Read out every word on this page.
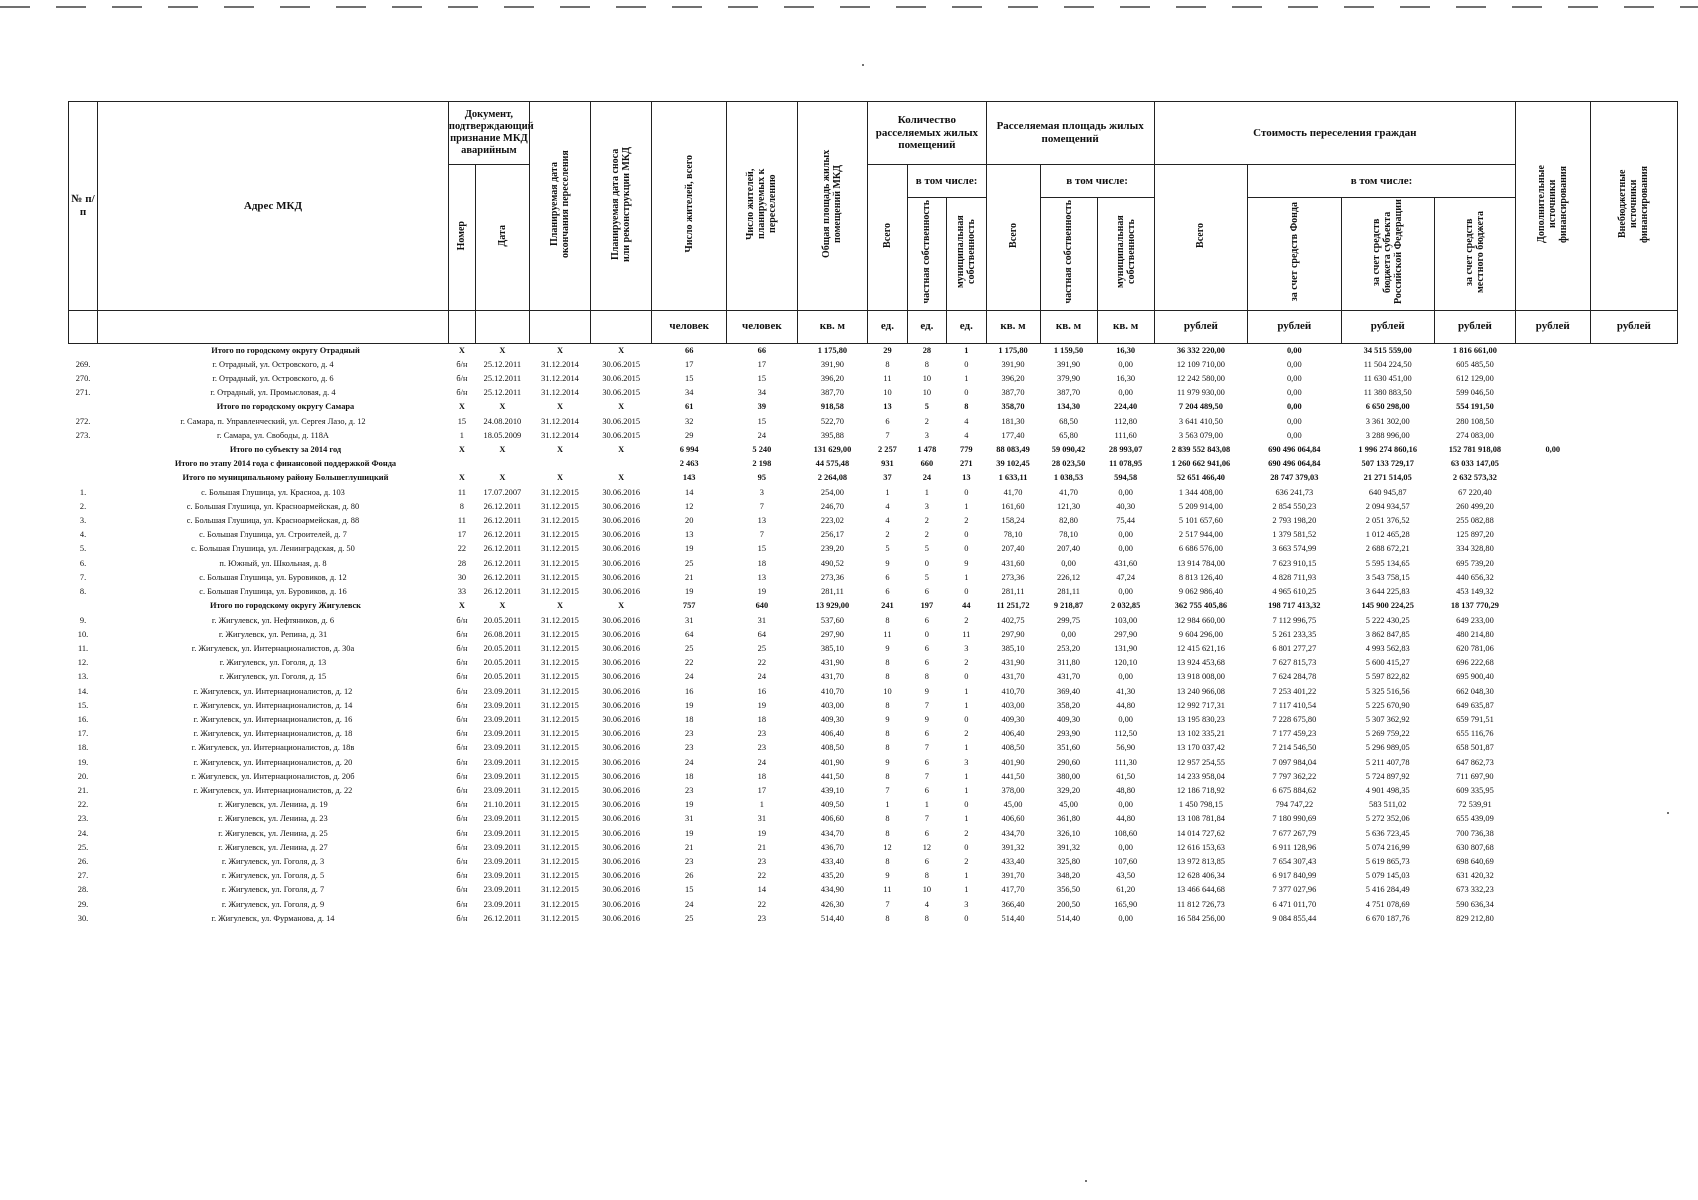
№ п/п	Адрес МКД	Документ, подтверждающий признание МКД аварийным		Планируемая дата окончания переселения	Планируемая дата сноса или реконструкции МКД	Число жителей, всего	Число жителей, планируемых к переселению	Общая площадь жилых помещений МКД	Количество расселяемых жилых помещений			Расселяемая площадь жилых помещений			Стоимость переселения граждан				Дополнительные источники финансирования	Внебюджетные источники финансирования
		Номер	Дата						Всего	в том числе:		Всего	в том числе:		Всего	в том числе:				
										частная собственность	муниципальная собственность		частная собственность	муниципальная собственность		за счет средств Фонда	за счет средств бюджета субъекта Российской Федерации	за счет средств местного бюджета		
						человек	человек	кв. м	ед.	ед.	ед.	кв. м	кв. м	кв. м	рублей	рублей	рублей	рублей	рублей	рублей
	Итого по городскому округу Отрадный	Х	Х	Х	Х	66	66	1 175,80	29	28	1	1 175,80	1 159,50	16,30	36 332 220,00	0,00	34 515 559,00	1 816 661,00		
269.	г. Отрадный, ул. Островского, д. 4	б/н	25.12.2011	31.12.2014	30.06.2015	17	17	391,90	8	8	0	391,90	391,90	0,00	12 109 710,00	0,00	11 504 224,50	605 485,50		
270.	г. Отрадный, ул. Островского, д. 6	б/н	25.12.2011	31.12.2014	30.06.2015	15	15	396,20	11	10	1	396,20	379,90	16,30	12 242 580,00	0,00	11 630 451,00	612 129,00		
271.	г. Отрадный, ул. Промысловая, д. 4	б/н	25.12.2011	31.12.2014	30.06.2015	34	34	387,70	10	10	0	387,70	387,70	0,00	11 979 930,00	0,00	11 380 883,50	599 046,50		
	Итого по городскому округу Самара	Х	Х	Х	Х	61	39	918,58	13	5	8	358,70	134,30	224,40	7 204 489,50	0,00	6 650 298,00	554 191,50		
272.	г. Самара, п. Управленческий, ул. Сергея Лазо, д. 12	15	24.08.2010	31.12.2014	30.06.2015	32	15	522,70	6	2	4	181,30	68,50	112,80	3 641 410,50	0,00	3 361 302,00	280 108,50		
273.	г. Самара, ул. Свободы, д. 118А	1	18.05.2009	31.12.2014	30.06.2015	29	24	395,88	7	3	4	177,40	65,80	111,60	3 563 079,00	0,00	3 288 996,00	274 083,00		
	Итого по субъекту за 2014 год	Х	Х	Х	Х	6 994	5 240	131 629,00	2 257	1 478	779	88 083,49	59 090,42	28 993,07	2 839 552 843,08	690 496 064,84	1 996 274 860,16	152 781 918,08	0,00	
	Итого по этапу 2014 года с финансовой поддержкой Фонда					2 463	2 198	44 575,48	931	660	271	39 102,45	28 023,50	11 078,95	1 260 662 941,06	690 496 064,84	507 133 729,17	63 033 147,05		
	Итого по муниципальному району Большеглушицкий	Х	Х	Х	Х	143	95	2 264,08	37	24	13	1 633,11	1 038,53	594,58	52 651 466,40	28 747 379,03	21 271 514,05	2 632 573,32		
1.	с. Большая Глушица, ул. Красноа, д. 103	11	17.07.2007	31.12.2015	30.06.2016	14	3	254,00	1	1	0	41,70	41,70	0,00	1 344 408,00	636 241,73	640 945,87	67 220,40		
2.	с. Большая Глушица, ул. Красноармейская, д. 80	8	26.12.2011	31.12.2015	30.06.2016	12	7	246,70	4	3	1	161,60	121,30	40,30	5 209 914,00	2 854 550,23	2 094 934,57	260 499,20		
3.	с. Большая Глушица, ул. Красноармейская, д. 88	11	26.12.2011	31.12.2015	30.06.2016	20	13	223,02	4	2	2	158,24	82,80	75,44	5 101 657,60	2 793 198,20	2 051 376,52	255 082,88		
4.	с. Большая Глушица, ул. Строителей, д. 7	17	26.12.2011	31.12.2015	30.06.2016	13	7	256,17	2	2	0	78,10	78,10	0,00	2 517 944,00	1 379 581,52	1 012 465,28	125 897,20		
5.	с. Большая Глушица, ул. Ленинградская, д. 50	22	26.12.2011	31.12.2015	30.06.2016	19	15	239,20	5	5	0	207,40	207,40	0,00	6 686 576,00	3 663 574,99	2 688 672,21	334 328,80		
6.	п. Южный, ул. Школьная, д. 8	28	26.12.2011	31.12.2015	30.06.2016	25	18	490,52	9	0	9	431,60	0,00	431,60	13 914 784,00	7 623 910,15	5 595 134,65	695 739,20		
7.	с. Большая Глушица, ул. Буровиков, д. 12	30	26.12.2011	31.12.2015	30.06.2016	21	13	273,36	6	5	1	273,36	226,12	47,24	8 813 126,40	4 828 711,93	3 543 758,15	440 656,32		
8.	с. Большая Глушица, ул. Буровиков, д. 16	33	26.12.2011	31.12.2015	30.06.2016	19	19	281,11	6	6	0	281,11	281,11	0,00	9 062 986,40	4 965 610,25	3 644 225,83	453 149,32		
	Итого по городскому округу Жигулевск	Х	Х	Х	Х	757	640	13 929,00	241	197	44	11 251,72	9 218,87	2 032,85	362 755 405,86	198 717 413,32	145 900 224,25	18 137 770,29		
9.	г. Жигулевск, ул. Нефтяников, д. 6	б/н	20.05.2011	31.12.2015	30.06.2016	31	31	537,60	8	6	2	402,75	299,75	103,00	12 984 660,00	7 112 996,75	5 222 430,25	649 233,00		
10.	г. Жигулевск, ул. Репина, д. 31	б/н	26.08.2011	31.12.2015	30.06.2016	64	64	297,90	11	0	11	297,90	0,00	297,90	9 604 296,00	5 261 233,35	3 862 847,85	480 214,80		
11.	г. Жигулевск, ул. Интернационалистов, д. 30а	б/н	20.05.2011	31.12.2015	30.06.2016	25	25	385,10	9	6	3	385,10	253,20	131,90	12 415 621,16	6 801 277,27	4 993 562,83	620 781,06		
12.	г. Жигулевск, ул. Гоголя, д. 13	б/н	20.05.2011	31.12.2015	30.06.2016	22	22	431,90	8	6	2	431,90	311,80	120,10	13 924 453,68	7 627 815,73	5 600 415,27	696 222,68		
13.	г. Жигулевск, ул. Гоголя, д. 15	б/н	20.05.2011	31.12.2015	30.06.2016	24	24	431,70	8	8	0	431,70	431,70	0,00	13 918 008,00	7 624 284,78	5 597 822,82	695 900,40		
14.	г. Жигулевск, ул. Интернационалистов, д. 12	б/н	23.09.2011	31.12.2015	30.06.2016	16	16	410,70	10	9	1	410,70	369,40	41,30	13 240 966,08	7 253 401,22	5 325 516,56	662 048,30		
15.	г. Жигулевск, ул. Интернационалистов, д. 14	б/н	23.09.2011	31.12.2015	30.06.2016	19	19	403,00	8	7	1	403,00	358,20	44,80	12 992 717,31	7 117 410,54	5 225 670,90	649 635,87		
16.	г. Жигулевск, ул. Интернационалистов, д. 16	б/н	23.09.2011	31.12.2015	30.06.2016	18	18	409,30	9	9	0	409,30	409,30	0,00	13 195 830,23	7 228 675,80	5 307 362,92	659 791,51		
17.	г. Жигулевск, ул. Интернационалистов, д. 18	б/н	23.09.2011	31.12.2015	30.06.2016	23	23	406,40	8	6	2	406,40	293,90	112,50	13 102 335,21	7 177 459,23	5 269 759,22	655 116,76		
18.	г. Жигулевск, ул. Интернационалистов, д. 18в	б/н	23.09.2011	31.12.2015	30.06.2016	23	23	408,50	8	7	1	408,50	351,60	56,90	13 170 037,42	7 214 546,50	5 296 989,05	658 501,87		
19.	г. Жигулевск, ул. Интернационалистов, д. 20	б/н	23.09.2011	31.12.2015	30.06.2016	24	24	401,90	9	6	3	401,90	290,60	111,30	12 957 254,55	7 097 984,04	5 211 407,78	647 862,73		
20.	г. Жигулевск, ул. Интернационалистов, д. 20б	б/н	23.09.2011	31.12.2015	30.06.2016	18	18	441,50	8	7	1	441,50	380,00	61,50	14 233 958,04	7 797 362,22	5 724 897,92	711 697,90		
21.	г. Жигулевск, ул. Интернационалистов, д. 22	б/н	23.09.2011	31.12.2015	30.06.2016	23	17	439,10	7	6	1	378,00	329,20	48,80	12 186 718,92	6 675 884,62	4 901 498,35	609 335,95		
22.	г. Жигулевск, ул. Ленина, д. 19	б/н	21.10.2011	31.12.2015	30.06.2016	19	1	409,50	1	1	0	45,00	45,00	0,00	1 450 798,15	794 747,22	583 511,02	72 539,91		
23.	г. Жигулевск, ул. Ленина, д. 23	б/н	23.09.2011	31.12.2015	30.06.2016	31	31	406,60	8	7	1	406,60	361,80	44,80	13 108 781,84	7 180 990,69	5 272 352,06	655 439,09		
24.	г. Жигулевск, ул. Ленина, д. 25	б/н	23.09.2011	31.12.2015	30.06.2016	19	19	434,70	8	6	2	434,70	326,10	108,60	14 014 727,62	7 677 267,79	5 636 723,45	700 736,38		
25.	г. Жигулевск, ул. Ленина, д. 27	б/н	23.09.2011	31.12.2015	30.06.2016	21	21	436,70	12	12	0	391,32	391,32	0,00	12 616 153,63	6 911 128,96	5 074 216,99	630 807,68		
26.	г. Жигулевск, ул. Гоголя, д. 3	б/н	23.09.2011	31.12.2015	30.06.2016	23	23	433,40	8	6	2	433,40	325,80	107,60	13 972 813,85	7 654 307,43	5 619 865,73	698 640,69		
27.	г. Жигулевск, ул. Гоголя, д. 5	б/н	23.09.2011	31.12.2015	30.06.2016	26	22	435,20	9	8	1	391,70	348,20	43,50	12 628 406,34	6 917 840,99	5 079 145,03	631 420,32		
28.	г. Жигулевск, ул. Гоголя, д. 7	б/н	23.09.2011	31.12.2015	30.06.2016	15	14	434,90	11	10	1	417,70	356,50	61,20	13 466 644,68	7 377 027,96	5 416 284,49	673 332,23		
29.	г. Жигулевск, ул. Гоголя, д. 9	б/н	23.09.2011	31.12.2015	30.06.2016	24	22	426,30	7	4	3	366,40	200,50	165,90	11 812 726,73	6 471 011,70	4 751 078,69	590 636,34		
30.	г. Жигулевск, ул. Фурманова, д. 14	б/н	26.12.2011	31.12.2015	30.06.2016	25	23	514,40	8	8	0	514,40	514,40	0,00	16 584 256,00	9 084 855,44	6 670 187,76	829 212,80		
